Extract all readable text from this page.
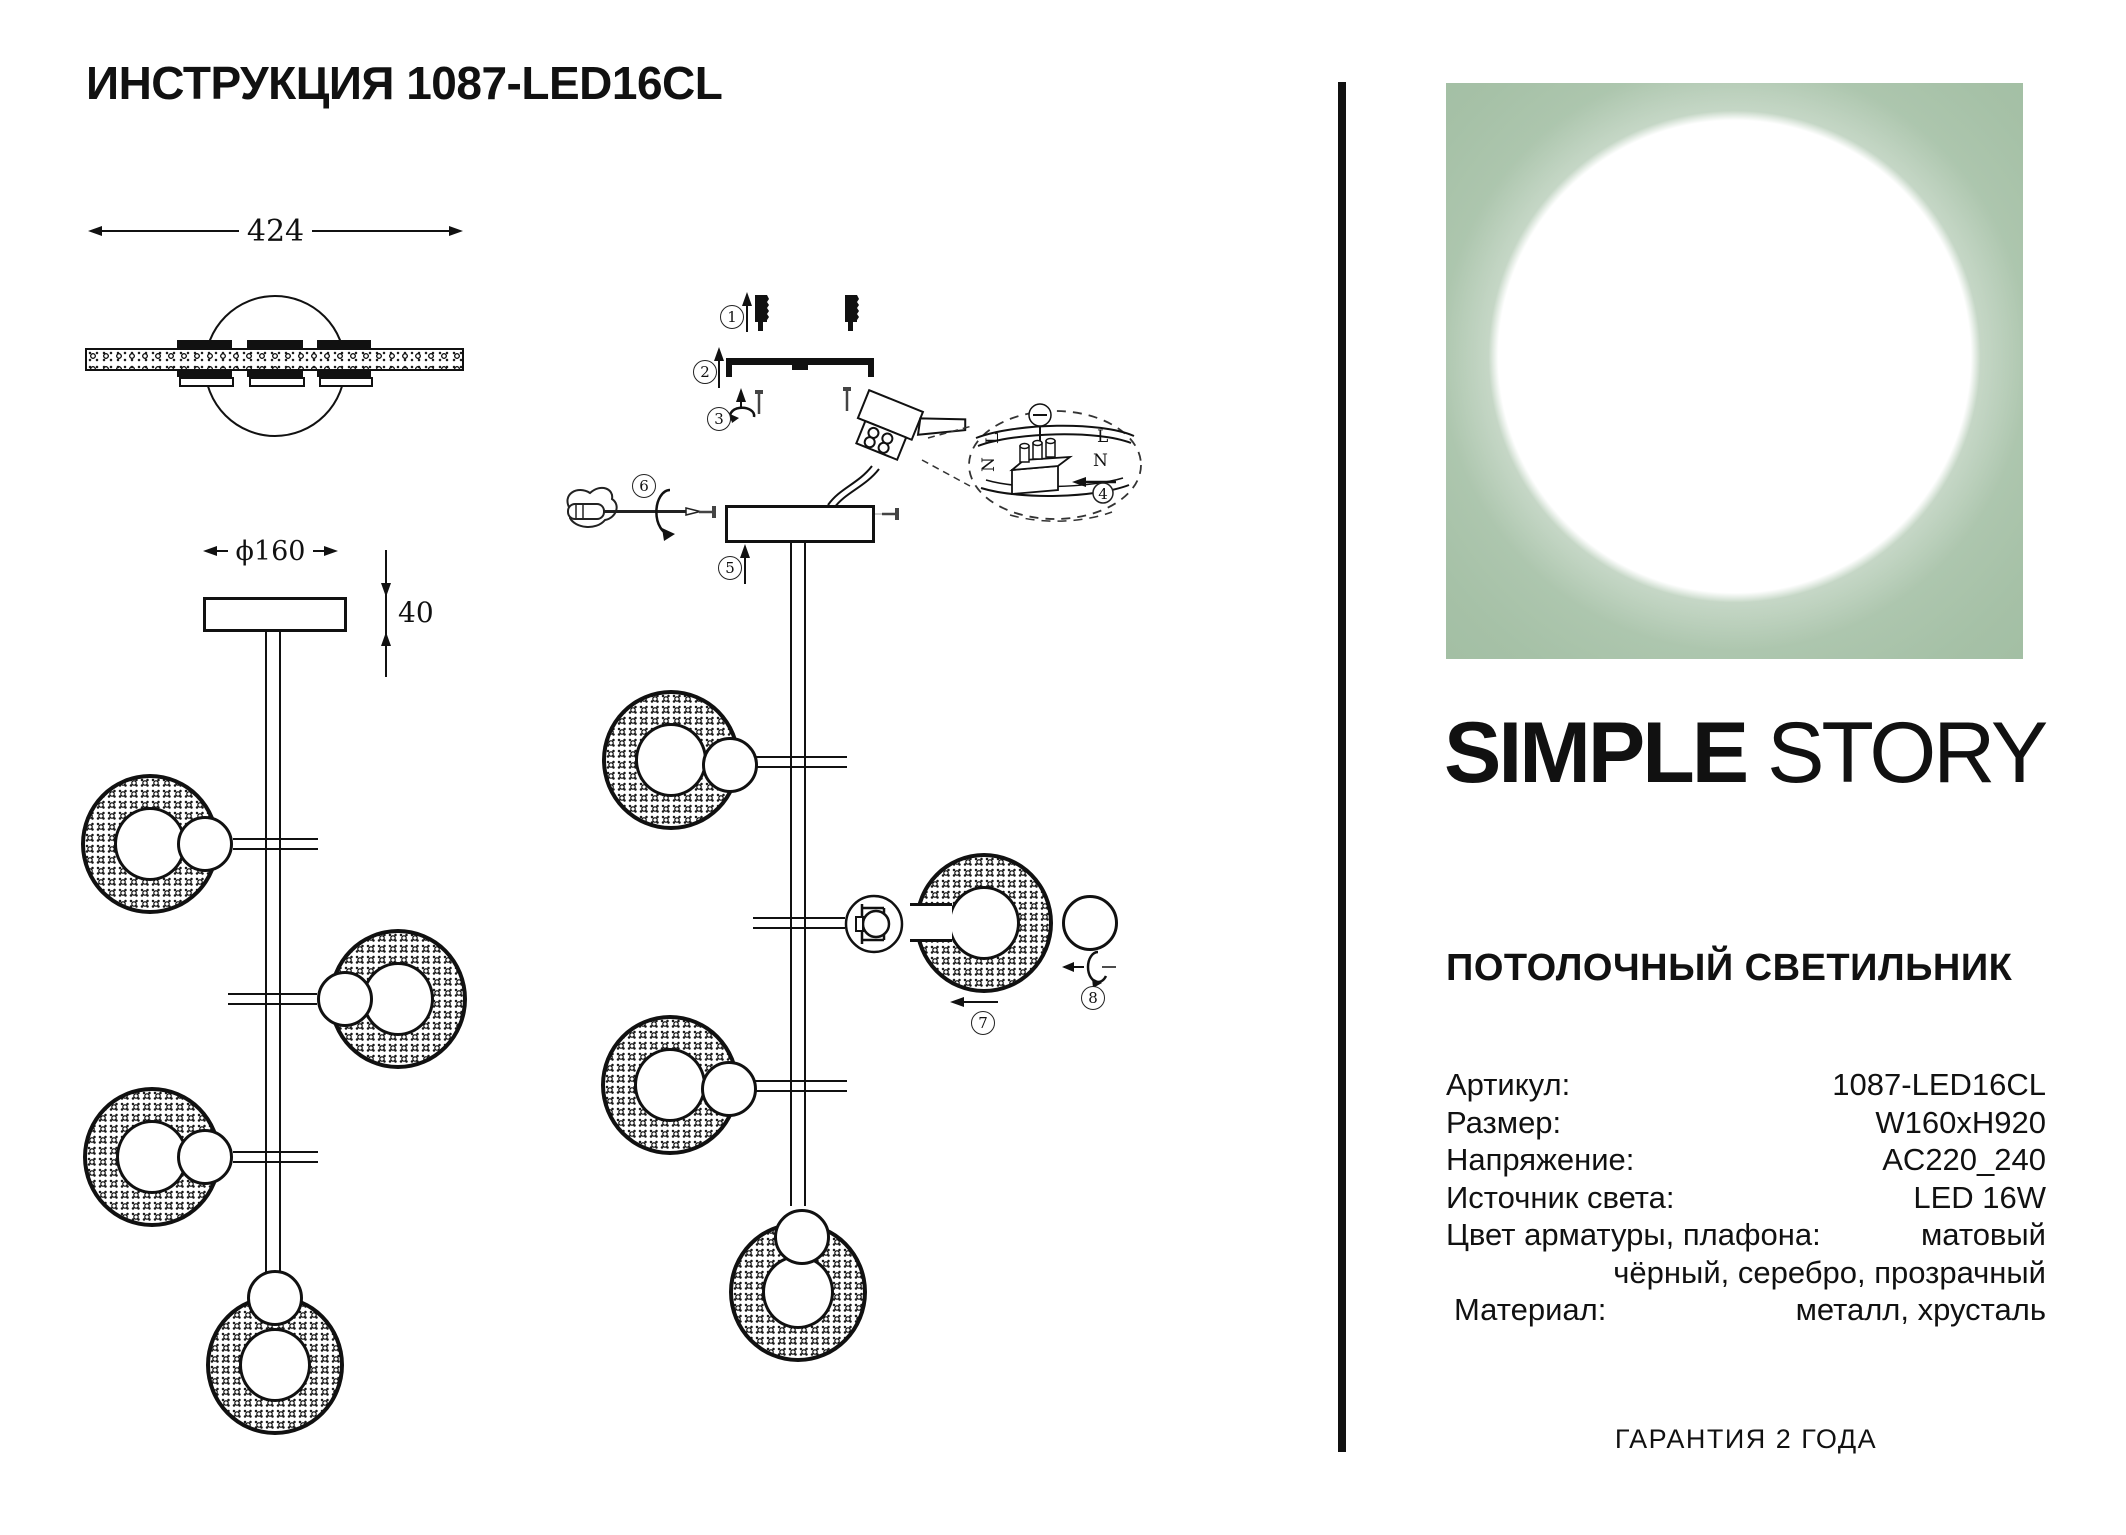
ИНСТРУКЦИЯ 1087-LED16CL
424
ϕ160
40
1
2
3
L
N
L
N
4
5
6
7
8
SIMPLE STORY
ПОТОЛОЧНЫЙ СВЕТИЛЬНИК
Артикул:	1087-LED16CL
Размер:	W160xH920
Напряжение:	AC220_240
Источник света:	LED 16W
Цвет арматуры, плафона:	матовый
чёрный, серебро, прозрачный
Материал:	металл, хрусталь
ГАРАНТИЯ 2 ГОДА
